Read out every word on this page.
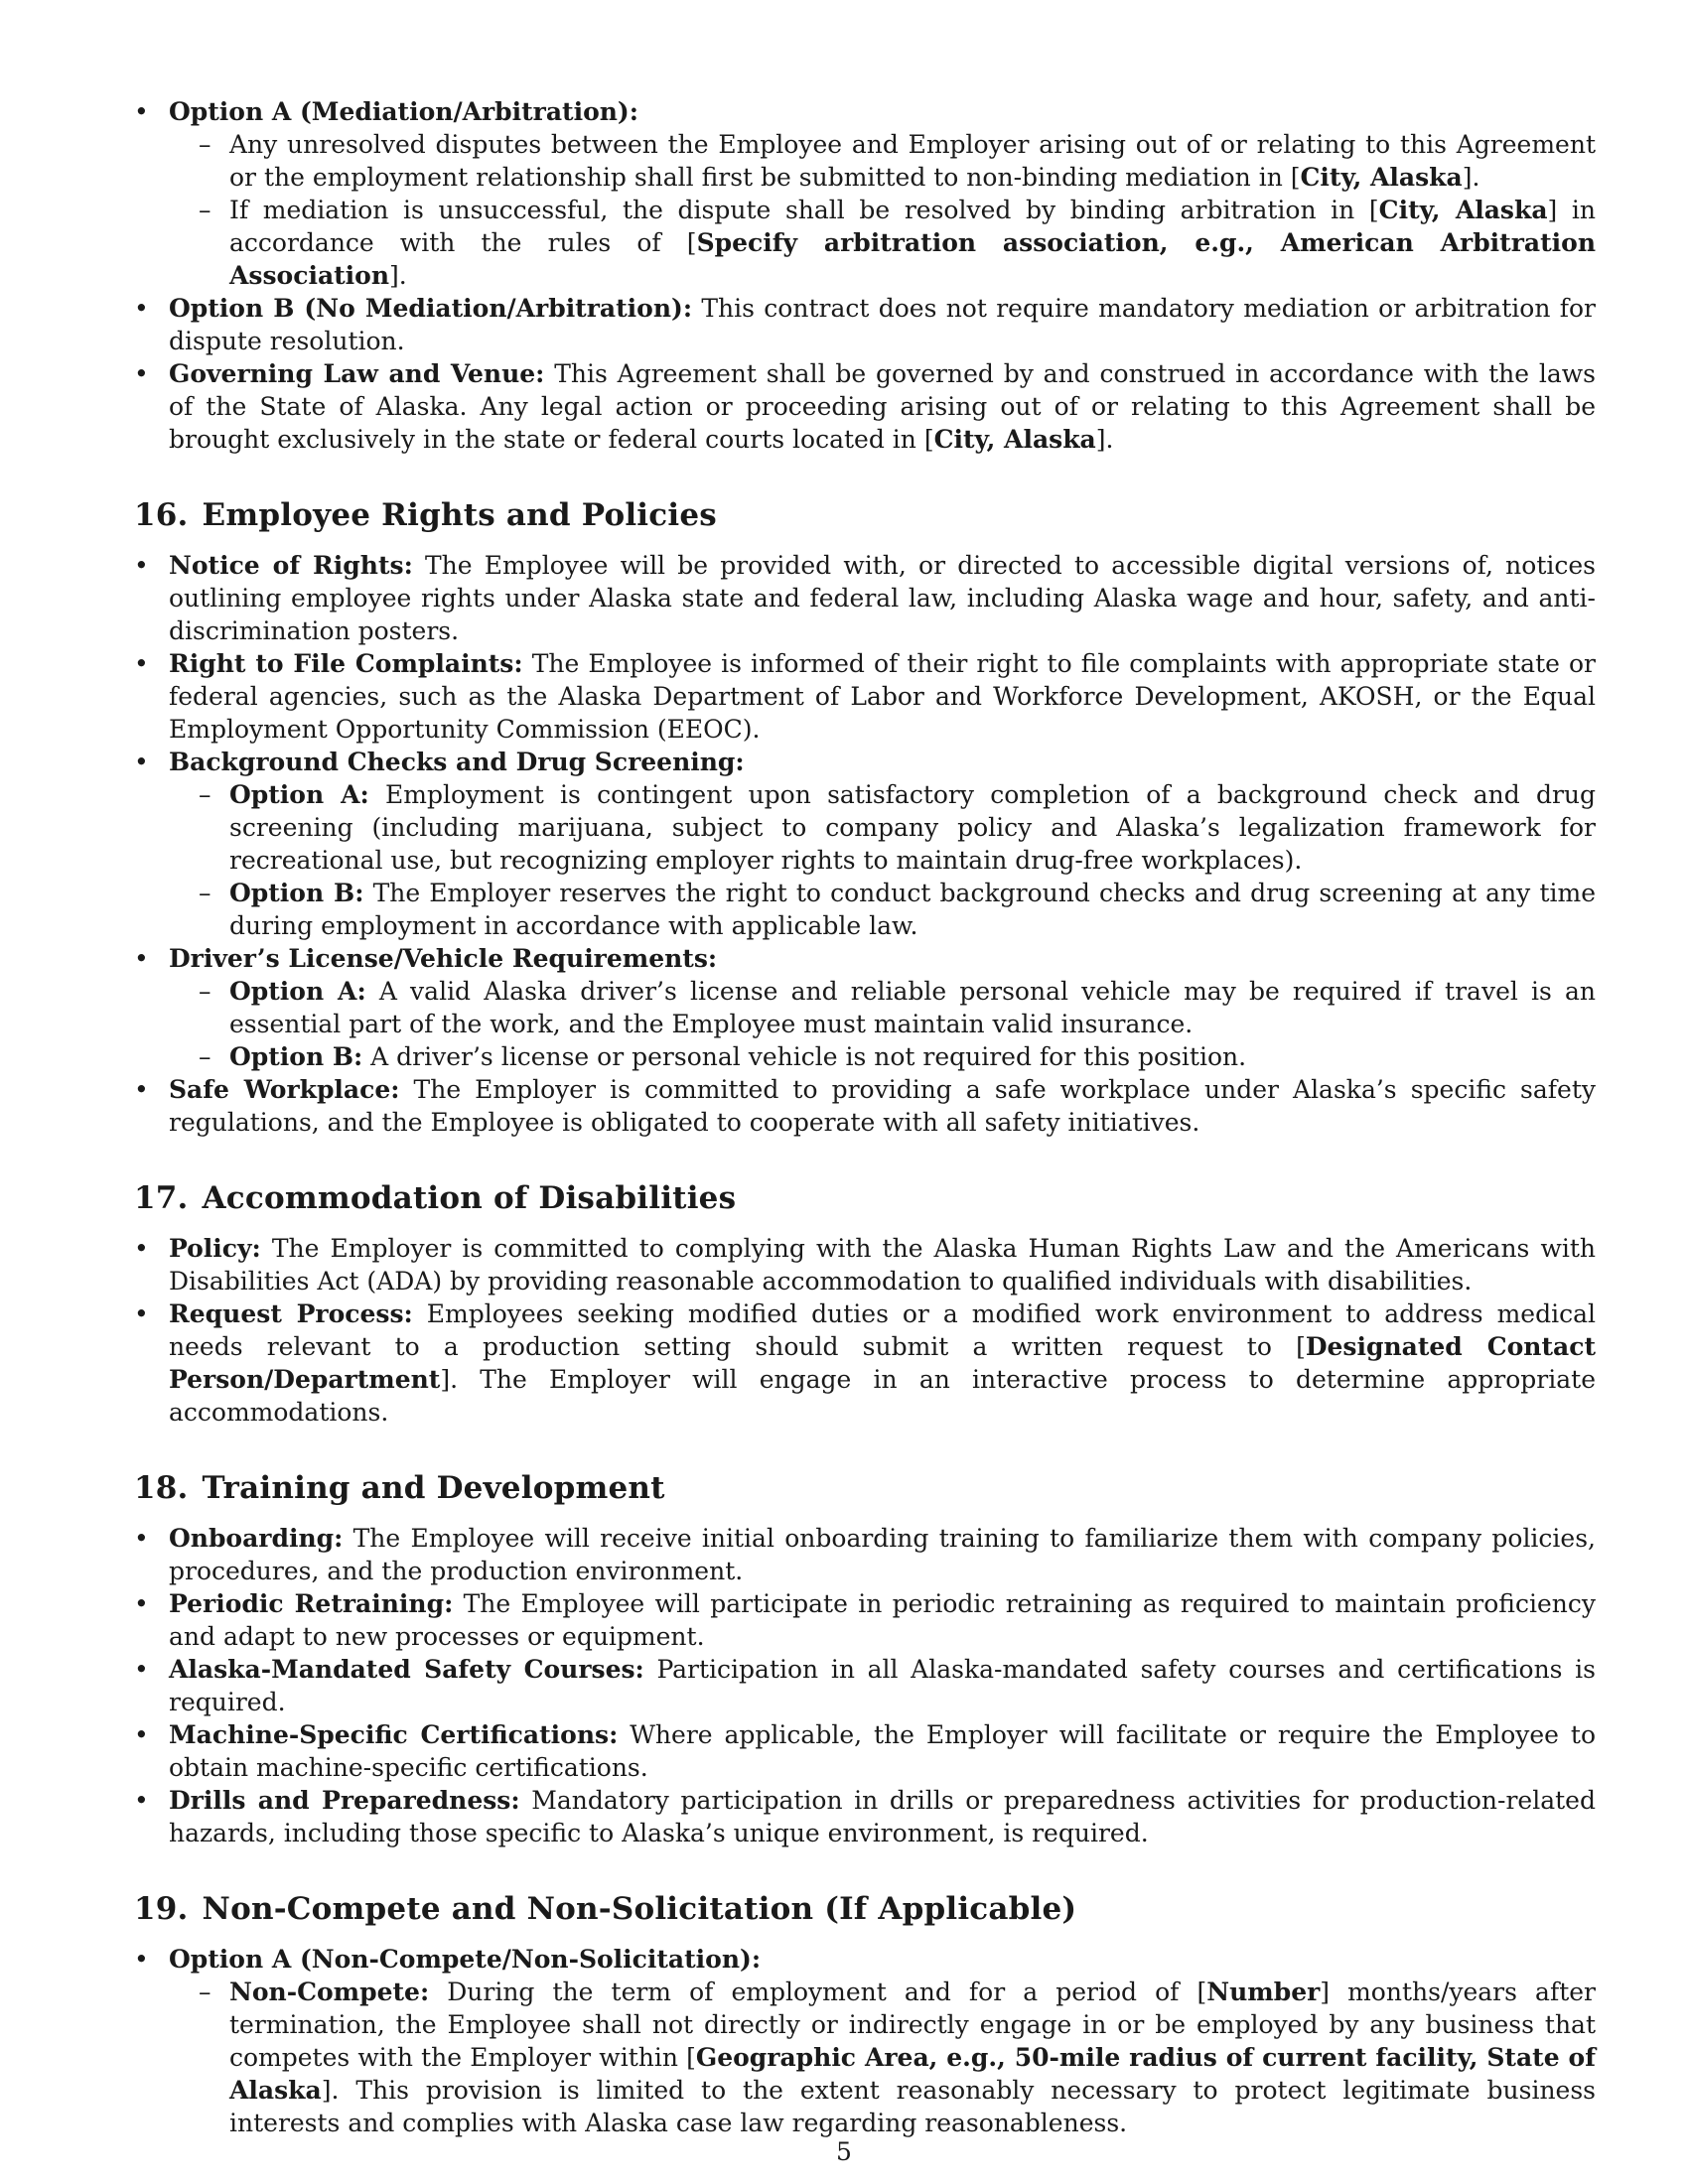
• Option A (Mediation/Arbitration):
– Any unresolved disputes between the Employee and Employer arising out of or relating to this Agreement or the employment relationship shall first be submitted to non-binding mediation in [City, Alaska].
– If mediation is unsuccessful, the dispute shall be resolved by binding arbitration in [City, Alaska] in accordance with the rules of [Specify arbitration association, e.g., American Arbitration Association].
• Option B (No Mediation/Arbitration): This contract does not require mandatory mediation or arbitration for dispute resolution.
• Governing Law and Venue: This Agreement shall be governed by and construed in accordance with the laws of the State of Alaska. Any legal action or proceeding arising out of or relating to this Agreement shall be brought exclusively in the state or federal courts located in [City, Alaska].
16. Employee Rights and Policies
• Notice of Rights: The Employee will be provided with, or directed to accessible digital versions of, notices outlining employee rights under Alaska state and federal law, including Alaska wage and hour, safety, and anti-discrimination posters.
• Right to File Complaints: The Employee is informed of their right to file complaints with appropriate state or federal agencies, such as the Alaska Department of Labor and Workforce Development, AKOSH, or the Equal Employment Opportunity Commission (EEOC).
• Background Checks and Drug Screening:
– Option A: Employment is contingent upon satisfactory completion of a background check and drug screening (including marijuana, subject to company policy and Alaska’s legalization framework for recreational use, but recognizing employer rights to maintain drug-free workplaces).
– Option B: The Employer reserves the right to conduct background checks and drug screening at any time during employment in accordance with applicable law.
• Driver’s License/Vehicle Requirements:
– Option A: A valid Alaska driver’s license and reliable personal vehicle may be required if travel is an essential part of the work, and the Employee must maintain valid insurance.
– Option B: A driver’s license or personal vehicle is not required for this position.
• Safe Workplace: The Employer is committed to providing a safe workplace under Alaska’s specific safety regulations, and the Employee is obligated to cooperate with all safety initiatives.
17. Accommodation of Disabilities
• Policy: The Employer is committed to complying with the Alaska Human Rights Law and the Americans with Disabilities Act (ADA) by providing reasonable accommodation to qualified individuals with disabilities.
• Request Process: Employees seeking modified duties or a modified work environment to address medical needs relevant to a production setting should submit a written request to [Designated Contact Person/Department]. The Employer will engage in an interactive process to determine appropriate accommodations.
18. Training and Development
• Onboarding: The Employee will receive initial onboarding training to familiarize them with company policies, procedures, and the production environment.
• Periodic Retraining: The Employee will participate in periodic retraining as required to maintain proficiency and adapt to new processes or equipment.
• Alaska-Mandated Safety Courses: Participation in all Alaska-mandated safety courses and certifications is required.
• Machine-Specific Certifications: Where applicable, the Employer will facilitate or require the Employee to obtain machine-specific certifications.
• Drills and Preparedness: Mandatory participation in drills or preparedness activities for production-related hazards, including those specific to Alaska’s unique environment, is required.
19. Non-Compete and Non-Solicitation (If Applicable)
• Option A (Non-Compete/Non-Solicitation):
– Non-Compete: During the term of employment and for a period of [Number] months/years after termination, the Employee shall not directly or indirectly engage in or be employed by any business that competes with the Employer within [Geographic Area, e.g., 50-mile radius of current facility, State of Alaska]. This provision is limited to the extent reasonably necessary to protect legitimate business interests and complies with Alaska case law regarding reasonableness.
5
